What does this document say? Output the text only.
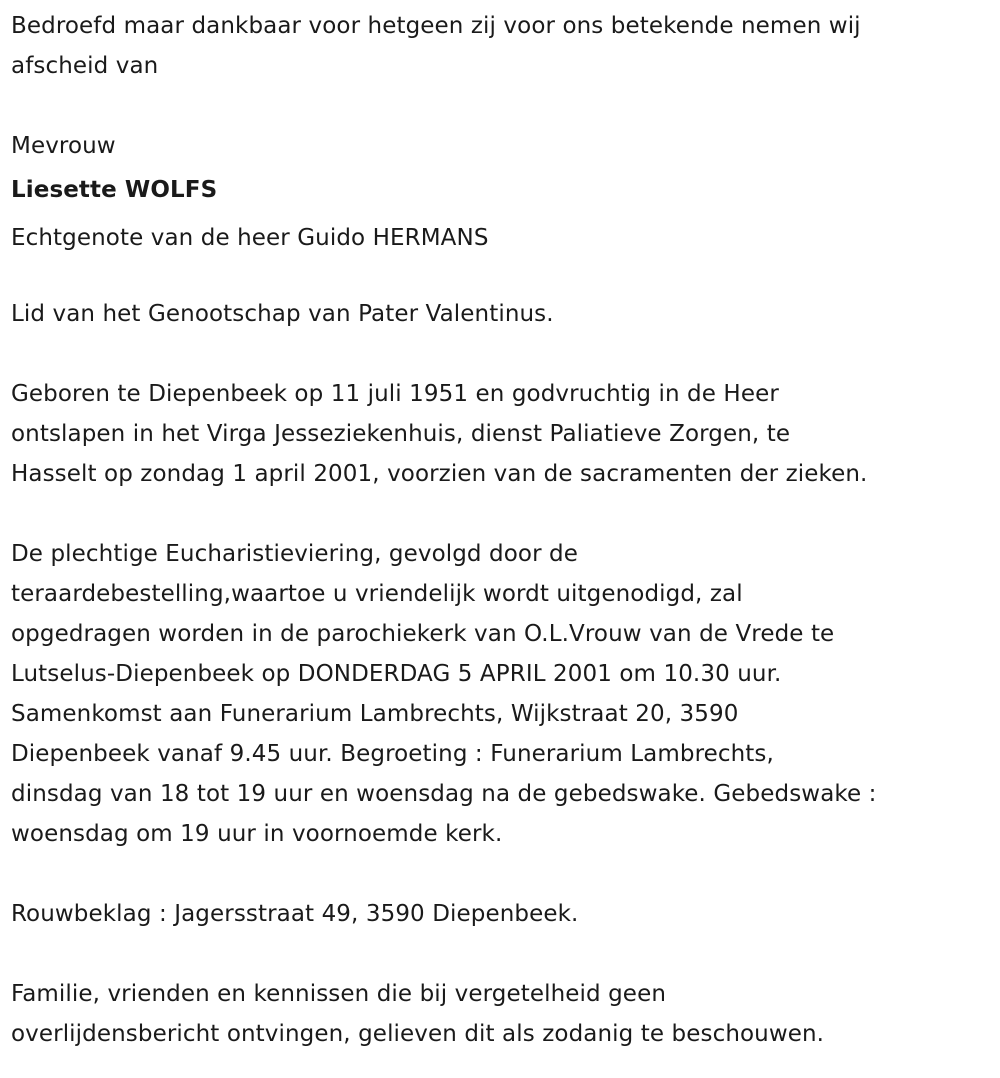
Bedroefd maar dankbaar voor hetgeen zij voor ons betekende nemen wij
afscheid van
Mevrouw
Liesette WOLFS
Echtgenote van de heer Guido HERMANS
Lid van het Genootschap van Pater Valentinus.
Geboren te Diepenbeek op 11 juli 1951 en godvruchtig in de Heer
ontslapen in het Virga Jesseziekenhuis, dienst Paliatieve Zorgen, te
Hasselt op zondag 1 april 2001, voorzien van de sacramenten der zieken.
De plechtige Eucharistieviering, gevolgd door de
teraardebestelling,waartoe u vriendelijk wordt uitgenodigd, zal
opgedragen worden in de parochiekerk van O.L.Vrouw van de Vrede te
Lutselus-Diepenbeek op DONDERDAG 5 APRIL 2001 om 10.30 uur.
Samenkomst aan Funerarium Lambrechts, Wijkstraat 20, 3590
Diepenbeek vanaf 9.45 uur. Begroeting : Funerarium Lambrechts,
dinsdag van 18 tot 19 uur en woensdag na de gebedswake. Gebedswake :
woensdag om 19 uur in voornoemde kerk.
Rouwbeklag : Jagersstraat 49, 3590 Diepenbeek.
Familie, vrienden en kennissen die bij vergetelheid geen
overlijdensbericht ontvingen, gelieven dit als zodanig te beschouwen.
